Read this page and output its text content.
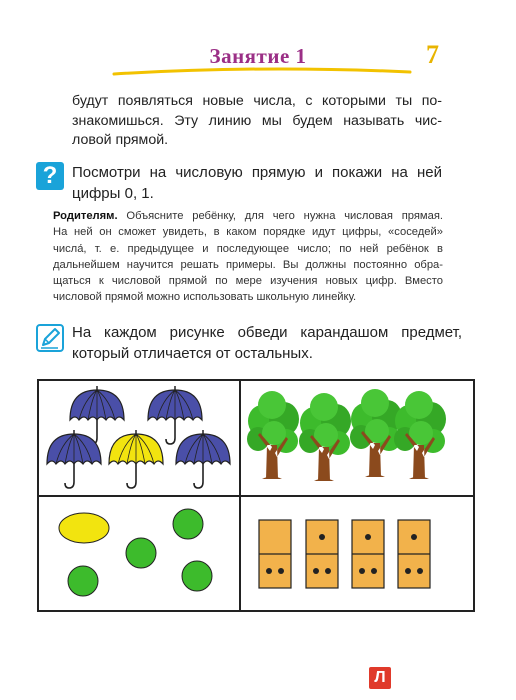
Занятие 1	7
будут появляться новые числа, с которыми ты по-
знакомишься. Эту линию мы будем называть чис-
ловой прямой.
? Посмотри на числовую прямую и покажи на ней
цифры 0, 1.
Родителям. Объясните ребёнку, для чего нужна числовая прямая.
На ней он сможет увидеть, в каком порядке идут цифры, «соседей»
числа́, т. е. предыдущее и последующее число; по ней ребёнок в
дальнейшем научится решать примеры. Вы должны постоянно обра-
щаться к числовой прямой по мере изучения новых цифр. Вместо
числовой прямой можно использовать школьную линейку.
На каждом рисунке обведи карандашом предмет,
который отличается от остальных.
Л
